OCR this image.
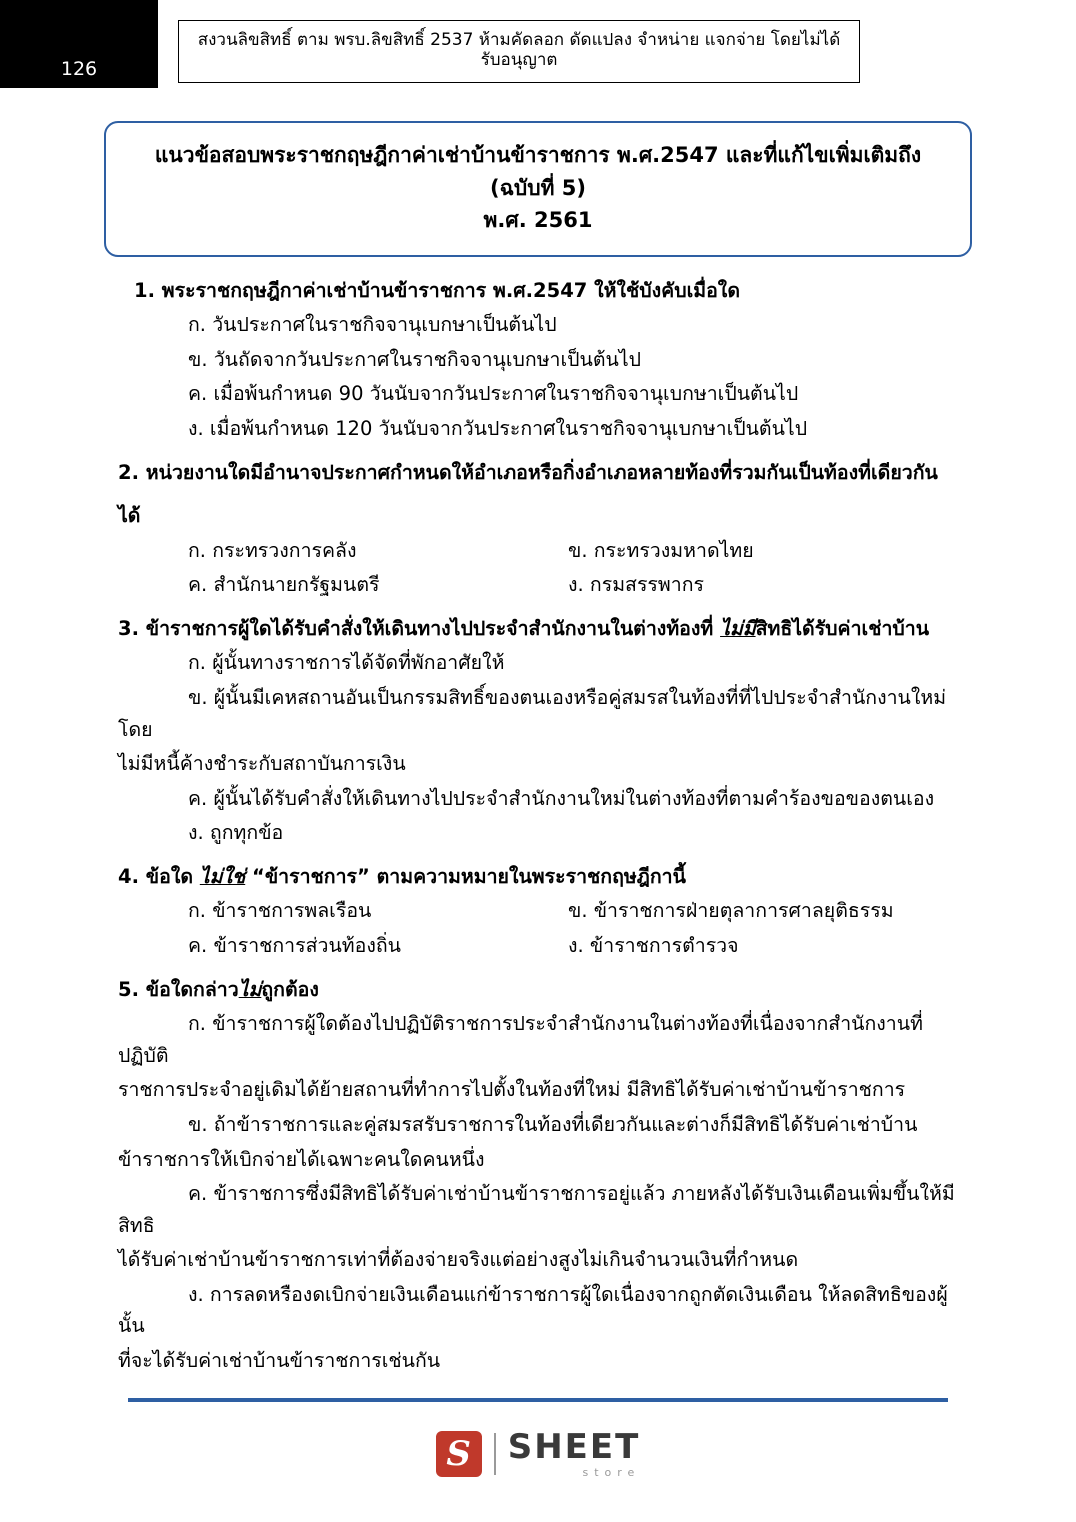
126
สงวนลิขสิทธิ์ ตาม พรบ.ลิขสิทธิ์ 2537 ห้ามคัดลอก ดัดแปลง จำหน่าย แจกจ่าย โดยไม่ได้รับอนุญาต
แนวข้อสอบพระราชกฤษฎีกาค่าเช่าบ้านข้าราชการ พ.ศ.2547 และที่แก้ไขเพิ่มเติมถึง (ฉบับที่ 5)
พ.ศ. 2561
1. พระราชกฤษฎีกาค่าเช่าบ้านข้าราชการ พ.ศ.2547 ให้ใช้บังคับเมื่อใด
ก. วันประกาศในราชกิจจานุเบกษาเป็นต้นไป
ข. วันถัดจากวันประกาศในราชกิจจานุเบกษาเป็นต้นไป
ค. เมื่อพ้นกำหนด 90 วันนับจากวันประกาศในราชกิจจานุเบกษาเป็นต้นไป
ง. เมื่อพ้นกำหนด 120 วันนับจากวันประกาศในราชกิจจานุเบกษาเป็นต้นไป
2. หน่วยงานใดมีอำนาจประกาศกำหนดให้อำเภอหรือกิ่งอำเภอหลายท้องที่รวมกันเป็นท้องที่เดียวกัน
ได้
ก. กระทรวงการคลัง	ข. กระทรวงมหาดไทย
ค. สำนักนายกรัฐมนตรี	ง. กรมสรรพากร
3. ข้าราชการผู้ใดได้รับคำสั่งให้เดินทางไปประจำสำนักงานในต่างท้องที่ ไม่มีสิทธิได้รับค่าเช่าบ้าน
ก. ผู้นั้นทางราชการได้จัดที่พักอาศัยให้
ข. ผู้นั้นมีเคหสถานอันเป็นกรรมสิทธิ์ของตนเองหรือคู่สมรสในท้องที่ที่ไปประจำสำนักงานใหม่โดย
ไม่มีหนี้ค้างชำระกับสถาบันการเงิน
ค. ผู้นั้นได้รับคำสั่งให้เดินทางไปประจำสำนักงานใหม่ในต่างท้องที่ตามคำร้องขอของตนเอง
ง. ถูกทุกข้อ
4. ข้อใด ไม่ใช่ “ข้าราชการ” ตามความหมายในพระราชกฤษฎีกานี้
ก. ข้าราชการพลเรือน	ข. ข้าราชการฝ่ายตุลาการศาลยุติธรรม
ค. ข้าราชการส่วนท้องถิ่น	ง. ข้าราชการตำรวจ
5. ข้อใดกล่าวไม่ถูกต้อง
ก. ข้าราชการผู้ใดต้องไปปฏิบัติราชการประจำสำนักงานในต่างท้องที่เนื่องจากสำนักงานที่ปฏิบัติ
ราชการประจำอยู่เดิมได้ย้ายสถานที่ทำการไปตั้งในท้องที่ใหม่ มีสิทธิได้รับค่าเช่าบ้านข้าราชการ
ข. ถ้าข้าราชการและคู่สมรสรับราชการในท้องที่เดียวกันและต่างก็มีสิทธิได้รับค่าเช่าบ้าน
ข้าราชการให้เบิกจ่ายได้เฉพาะคนใดคนหนึ่ง
ค. ข้าราชการซึ่งมีสิทธิได้รับค่าเช่าบ้านข้าราชการอยู่แล้ว ภายหลังได้รับเงินเดือนเพิ่มขึ้นให้มีสิทธิ
ได้รับค่าเช่าบ้านข้าราชการเท่าที่ต้องจ่ายจริงแต่อย่างสูงไม่เกินจำนวนเงินที่กำหนด
ง. การลดหรืองดเบิกจ่ายเงินเดือนแก่ข้าราชการผู้ใดเนื่องจากถูกตัดเงินเดือน ให้ลดสิทธิของผู้นั้น
ที่จะได้รับค่าเช่าบ้านข้าราชการเช่นกัน
S	SHEET
store
